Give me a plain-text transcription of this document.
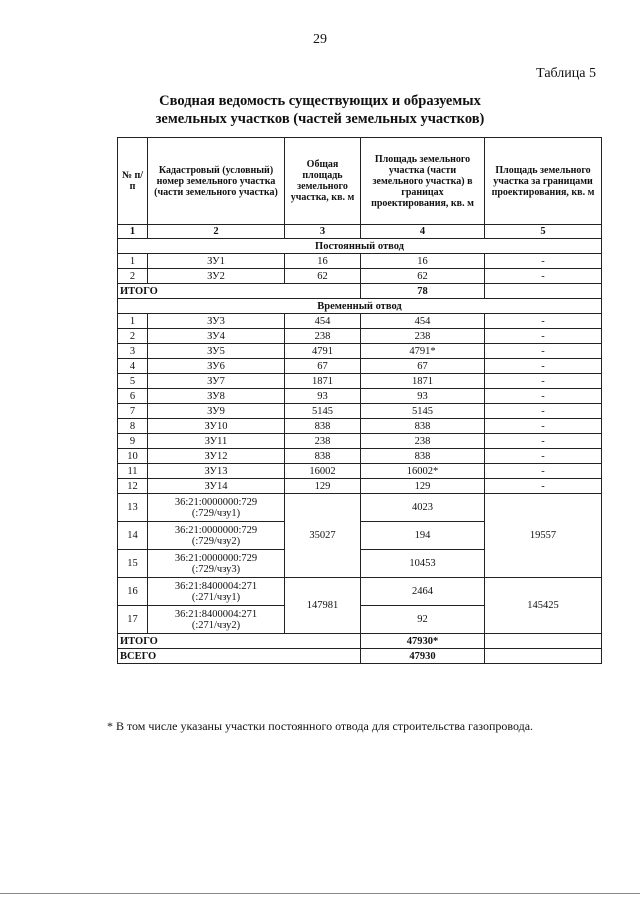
29
Таблица 5
Сводная ведомость существующих и образуемых
земельных участков (частей земельных участков)
№ п/п	Кадастровый (условный) номер земельного участка (части земельного участка)	Общая площадь земельного участка, кв. м	Площадь земельного участка (части земельного участка) в границах проектирования, кв. м	Площадь земельного участка за границами проектирования, кв. м
1	2	3	4	5
Постоянный отвод				
1	ЗУ1	16	16	-
2	ЗУ2	62	62	-
ИТОГО			78	
Временный отвод				
1	ЗУ3	454	454	-
2	ЗУ4	238	238	-
3	ЗУ5	4791	4791*	-
4	ЗУ6	67	67	-
5	ЗУ7	1871	1871	-
6	ЗУ8	93	93	-
7	ЗУ9	5145	5145	-
8	ЗУ10	838	838	-
9	ЗУ11	238	238	-
10	ЗУ12	838	838	-
11	ЗУ13	16002	16002*	-
12	ЗУ14	129	129	-
13	36:21:0000000:729
(:729/чзу1)	35027	4023	19557
14	36:21:0000000:729
(:729/чзу2)		194	
15	36:21:0000000:729
(:729/чзу3)		10453	
16	36:21:8400004:271
(:271/чзу1)	147981	2464	145425
17	36:21:8400004:271
(:271/чзу2)		92	
ИТОГО			47930*	
ВСЕГО			47930	
* В том числе указаны участки постоянного отвода для строительства газопровода.
